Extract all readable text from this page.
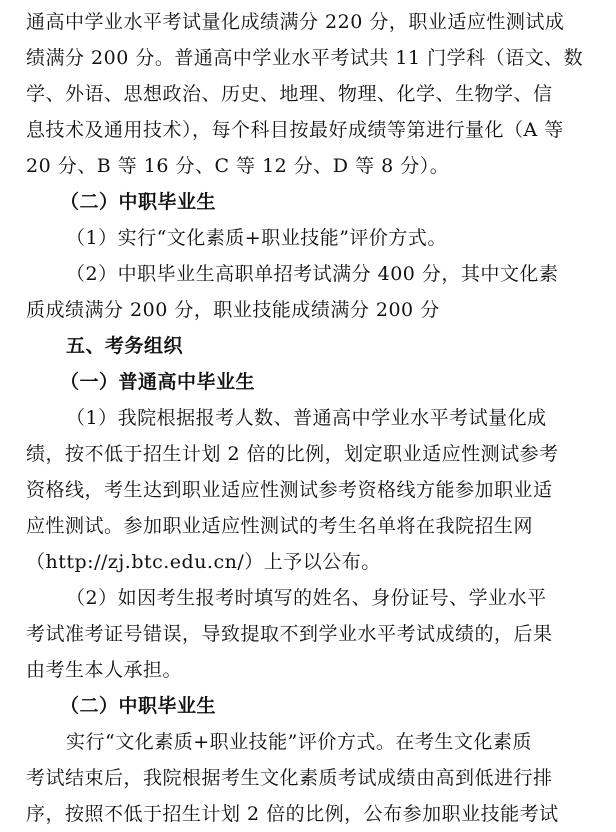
通高中学业水平考试量化成绩满分 220 分，职业适应性测试成
绩满分 200 分。普通高中学业水平考试共 11 门学科（语文、数
学、外语、思想政治、历史、地理、物理、化学、生物学、信
息技术及通用技术），每个科目按最好成绩等第进行量化（A 等
20 分、B 等 16 分、C 等 12 分、D 等 8 分）。
（二）中职毕业生
（1）实行“文化素质+职业技能”评价方式。
（2）中职毕业生高职单招考试满分 400 分，其中文化素
质成绩满分 200 分，职业技能成绩满分 200 分
五、考务组织
（一）普通高中毕业生
（1）我院根据报考人数、普通高中学业水平考试量化成
绩，按不低于招生计划 2 倍的比例，划定职业适应性测试参考
资格线，考生达到职业适应性测试参考资格线方能参加职业适
应性测试。参加职业适应性测试的考生名单将在我院招生网
（http://zj.btc.edu.cn/）上予以公布。
（2）如因考生报考时填写的姓名、身份证号、学业水平
考试准考证号错误，导致提取不到学业水平考试成绩的，后果
由考生本人承担。
（二）中职毕业生
实行“文化素质+职业技能”评价方式。在考生文化素质
考试结束后，我院根据考生文化素质考试成绩由高到低进行排
序，按照不低于招生计划 2 倍的比例，公布参加职业技能考试
